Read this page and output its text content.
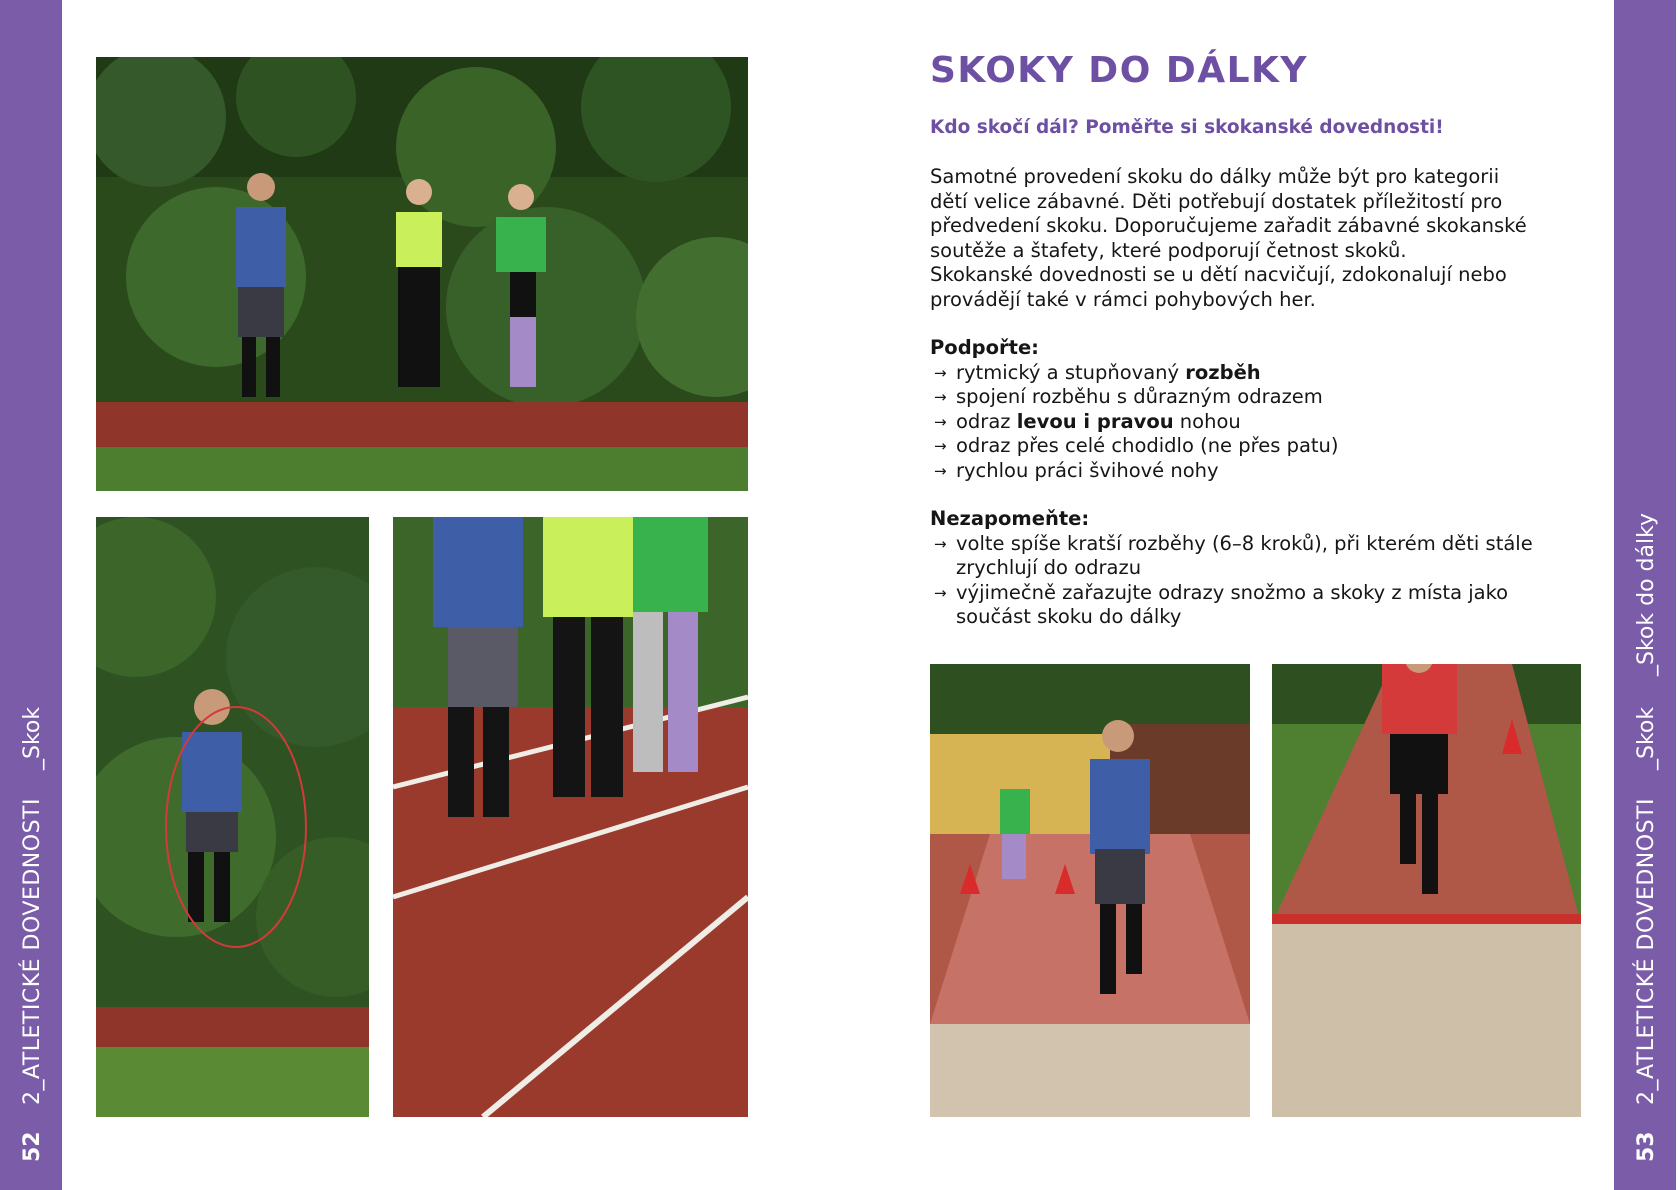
52
2_ATLETICKÉ DOVEDNOSTI
_Skok
53
2_ATLETICKÉ DOVEDNOSTI
_Skok
_Skok do dálky
SKOKY DO DÁLKY
Kdo skočí dál? Poměřte si skokanské dovednosti!
Samotné provedení skoku do dálky může být pro kategorii
dětí velice zábavné. Děti potřebují dostatek příležitostí pro
předvedení skoku. Doporučujeme zařadit zábavné skokanské
soutěže a štafety, které podporují četnost skoků.
Skokanské dovednosti se u dětí nacvičují, zdokonalují nebo
provádějí také v rámci pohybových her.
Podpořte:
→ rytmický a stupňovaný rozběh
→ spojení rozběhu s důrazným odrazem
→ odraz levou i pravou nohou
→ odraz přes celé chodidlo (ne přes patu)
→ rychlou práci švihové nohy
Nezapomeňte:
→ volte spíše kratší rozběhy (6–8 kroků), při kterém děti stále
zrychlují do odrazu
→ výjimečně zařazujte odrazy snožmo a skoky z místa jako
součást skoku do dálky
